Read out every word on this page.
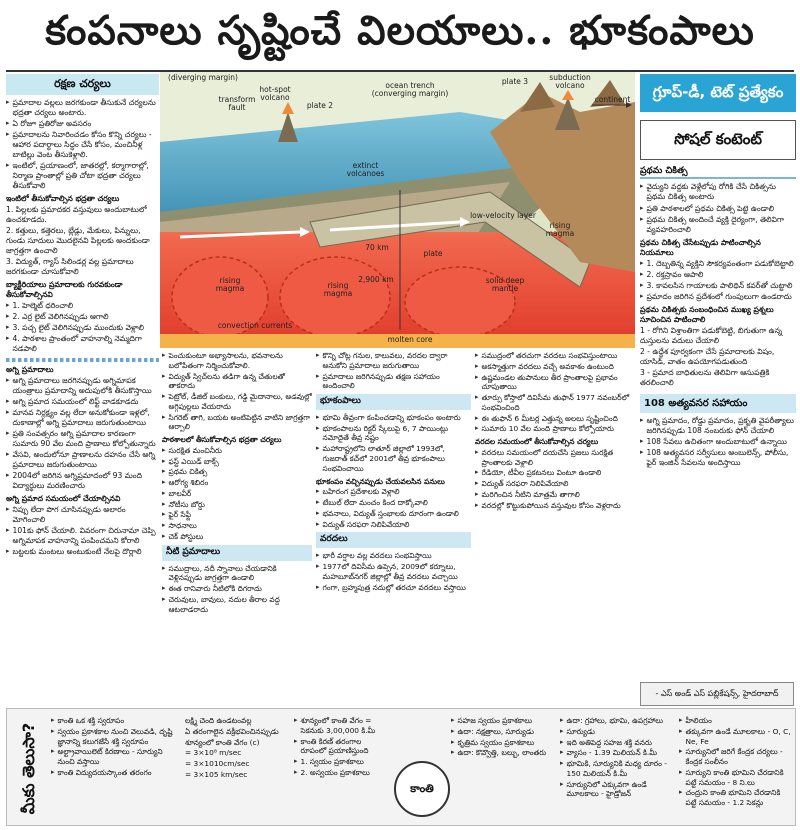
కంపనాలు సృష్టించే విలయాలు.. భూకంపాలు
రక్షణ చర్యలు
▸ ప్రమాదాల వల్లలు జరగకుండా తీసుకునే చర్యలను భద్రతా చర్యలు అంటారు.
▸ ఏ రోజూ ప్రతిరోజు అవసరం
▸ ప్రమాదాలను నివారించడం కోసం కొన్ని చర్యలు - ఆహార పదార్థాలు సిద్ధం చేసే కోసం, మంచినీళ్ల బాటిల్లు వెంట తీసుకెళ్లాలి.
▸ ఇంటిలో, ప్రయాణంలో, జాతరల్లో, కర్మాగారాల్లో, నిర్మాణ ప్రాంతాల్లో ప్రతి చోటా భద్రతా చర్యలు తీసుకోవాలి
ఇంటిలో తీసుకోవాల్సిన భద్రతా చర్యలు
1. పిల్లలకు ప్రమాదకర వస్తువులు అందుబాటులో ఉంచకూడదు.
2. కత్తులు, కత్తెరలు, బ్లేడ్లు, మేకులు, పిన్నులు, గుండు సూదులు మొదలైనవి పిల్లలకు అందకుండా జాగ్రత్తగా ఉంచాలి
3. విద్యుత్, గ్యాస్ సిలిండర్ల వల్ల ప్రమాదాలు జరగకుండా చూసుకోవాలి
బ్యాక్టీరియాలు ప్రమాదాలకు గురవకుండా తీసుకోవాల్సినవి
▸ 1. హెల్మెట్ ధరించాలి
▸ 2. ఎర్ర లైట్ వెలిగినప్పుడు ఆగాలి
▸ 3. పచ్చ లైట్ వెలిగినప్పుడు ముందుకు వెళ్లాలి
▸ 4. పాఠశాల ప్రాంతంలో వాహనాల్ని నెమ్మదిగా నడపాలి
అగ్ని ప్రమాదాలు
▸ అగ్ని ప్రమాదాలు జరగినప్పుడు అగ్నిమాపక యంత్రాలు ప్రమాదాన్ని అదుపులోకి తీసుకొస్తాయి
▸ అగ్ని ప్రమాద సమయంలో లిఫ్ట్ వాడకూడదు
▸ మానవ నిర్లక్ష్యం వల్ల లేదా అనుకోకుండా ఇళ్లలో, దుకాణాల్లో అగ్ని ప్రమాదాలు జరుగుతుంటాయి
▸ ప్రతి సంవత్సరం అగ్ని ప్రమాదాల కారణంగా సుమారు 90 వేల మంది ప్రాణాలు కోల్పోతున్నారు
▸ వేసవి, అందులోనూ ప్రాణాలను దహనం చేసే అగ్ని ప్రమాదాలు జరుగుతుంటాయి
▸ 2004లో జరిగిన అగ్నిప్రమాదంలో 93 మంది విద్యార్థులు మరణించారు
అగ్ని ప్రమాద సమయంలో చేయాల్సినవి
▸ నిప్పు లేదా పొగ చూసినప్పుడు అలారం మోగించాలి
▸ 101కు ఫోన్ చేయాలి. వివరంగా చిరునామా చెప్పి అగ్నిమాపక వాహనాన్ని పంపించమని కోరాలి
▸ బట్టలకు మంటలు అంటుకుంటే నేలపై దొర్లాలి
(diverging margin)
transform fault
hot-spot volcano
plate 2
ocean trench (converging margin)
plate 3	subduction volcano
continent
extinct volcanoes
low-velocity layer
plate
70 km
2,900 km
rising magma	rising magma
rising magma
solid deep mantle
convection currents
molten core
▸ పెంచుకుంటూ అభ్యాసాలను, భవనాలను బలోపేతంగా నిర్మించుకోవాలి.
▸ విద్యుత్ స్విచ్‌లను తడిగా ఉన్న చేతులతో తాకరాదు
▸ పెట్రోల్, డీజిల్ బంకులు, గడ్డి మైదానాలు, అడవుల్లో అగ్గిపుల్లలు వేయరాదు
▸ సిగరెట్ తాగి, బయట అంటిపెట్టిన వాటిని జాగ్రత్తగా ఆర్పాలి
పాఠశాలలో తీసుకోవాల్సిన భద్రతా చర్యలు
▸ సురక్షిత మంచినీరు
▸ ఫస్ట్ ఎయిడ్ బాక్స్
▸ ప్రథమ చికిత్స
▸ ఆరోగ్య శిబిరం
▸ బాలవీర్
▸ నోటీసు బోర్డు
▸ ఫైర్ సేఫ్టీ
▸ సాధనాలు
▸ చెక్ పోస్టులు
నీటి ప్రమాదాలు
▸ సముద్రాలు, నదీ స్నానాలు చేయడానికి వెళ్లినప్పుడు జాగ్రత్తగా ఉండాలి
▸ ఈత రానివారు నీటిలోకి దిగరాదు
▸ చెరువులు, బావులు, నదుల తీరాల వద్ద ఆటలాడరాదు
▸ కొన్ని చోట్ల గనుల, కాలువలు, వరదల ద్వారా అనుకోని ప్రమాదాలు జరుగుతాయి
▸ ప్రమాదాలు జరిగినప్పుడు తక్షణ సహాయం అందించాలి
భూకంపాలు
▸ భూమి తీవ్రంగా కంపించడాన్ని భూకంపం అంటారు
▸ భూకంపాలను రిక్టర్ స్కేలుపై 6, 7 పాయింట్లు నమోదైతే తీవ్ర నష్టం
▸ మహారాష్ట్రలోని లాతూర్ జిల్లాలో 1993లో, గుజరాత్ కచ్‌లో 2001లో తీవ్ర భూకంపాలు సంభవించాయి
భూకంపం వచ్చినప్పుడు చేయవలసిన పనులు
▸ బహిరంగ ప్రదేశాలకు వెళ్లాలి
▸ టేబుల్ లేదా మంచం కింద దాక్కోవాలి
▸ భవనాలు, విద్యుత్ స్తంభాలకు దూరంగా ఉండాలి
▸ విద్యుత్ సరఫరా నిలిపివేయాలి
వరదలు
▸ భారీ వర్షాల వల్ల వరదలు సంభవిస్తాయి
▸ 1977లో దివిసీమ ఉప్పెన, 2009లో కర్నూలు, మహబూబ్‌నగర్ జిల్లాల్లో తీవ్ర వరదలు వచ్చాయి
▸ గంగా, బ్రహ్మపుత్ర నదుల్లో తరచూ వరదలు వస్తాయి
▸ సముద్రంలో తరచుగా వరదలు సంభవిస్తుంటాయి
▸ అకస్మాత్తుగా వరదలు వచ్చే అవకాశం ఉంటుంది
▸ ఉష్ణమండల తుపానులు తీర ప్రాంతాలపై ప్రభావం చూపుతాయి
▸ తూర్పు కోస్తాలో దివిసీమ తుఫాన్ 1977 నవంబర్‌లో సంభవించింది
▸ ఈ తుఫాన్ 6 మీటర్ల ఎత్తున్న అలలు సృష్టించింది
▸ సుమారు 10 వేల మంది ప్రాణాలు కోల్పోయారు
వరదల సమయంలో తీసుకోవాల్సిన చర్యలు
▸ వరదలు సమయంలో దయచేసి ప్రజలు సురక్షిత ప్రాంతాలకు వెళ్లాలి
▸ రేడియో, టీవీల ప్రకటనలు వింటూ ఉండాలి
▸ విద్యుత్ సరఫరా నిలిపివేయాలి
▸ మరిగించిన నీటిని మాత్రమే తాగాలి
▸ వరదల్లో కొట్టుకుపోయిన వస్తువుల కోసం వెళ్లరాదు
గ్రూప్-డీ, టెట్ ప్రత్యేకం
సోషల్ కంటెంట్
ప్రథమ చికిత్స
▸ వైద్యుని వద్దకు వెళ్లేలోపు రోగికి చేసే చికిత్సను ప్రథమ చికిత్స అంటారు
▸ ప్రతి పాఠశాలలో ప్రథమ చికిత్స పెట్టె ఉండాలి
▸ ప్రథమ చికిత్స అందించే వ్యక్తి దైర్యంగా, తెలివిగా వ్యవహరించాలి
ప్రథమ చికిత్స చేసేటప్పుడు పాటించాల్సిన నియమాలు
▸ 1. దెబ్బతిన్న వ్యక్తిని సౌకర్యవంతంగా పడుకోబెట్టాలి
▸ 2. రక్తస్రావం ఆపాలి
▸ 3. కావలసిన గాయాలకు పాలిథిన్ కవర్‌తో చుట్టాలి
▸ ప్రమాదం జరిగిన ప్రదేశంలో గుంపులుగా ఉండరాదు
ప్రథమ చికిత్సకు సంబంధించిన ముఖ్య ప్రశ్నలు సూచించిన పాటించాలి
1 - రోగిని విశ్రాంతిగా పడుకోబెట్టి, బిగుతుగా ఉన్న దుస్తులను వదులు చేయాలి
2 - ఉద్దేశ పూర్వకంగా చేసే ప్రమాదాలకు విషం, యాసిడ్, వాతం ఉపయోగపడుతుంది
3 - ప్రమాద బాధితులను తెలివిగా ఆసుపత్రికి తరలించాలి
108 అత్యవసర సహాయం
▸ అగ్ని ప్రమాదం, రోడ్డు ప్రమాదం, ప్రకృతి వైపరీత్యాలు జరిగినప్పుడు 108 నంబరుకు ఫోన్ చేయాలి
▸ 108 సేవలు ఉచితంగా అందుబాటులో ఉన్నాయి
▸ 108 అత్యవసర సర్వీసులు అంబులెన్స్, పోలీసు, ఫైర్ ఇంజిన్ సేవలను అందిస్తాయి
- ఎస్ అండ్ ఎస్ పబ్లికేషన్స్, హైదరాబాద్
మీకు తెలుసా?
▸ కాంతి ఒక శక్తి స్వరూపం
▸ స్వయం ప్రకాశకాల నుంచి వెలువడి, దృష్టి జ్ఞానాన్ని కలుగజేసే శక్తి స్వరూపం
▸ అల్ట్రావాయిలెట్ కిరణాలు - సూర్యుని నుంచి వస్తాయి
▸ కాంతి విద్యుదయస్కాంత తరంగం
లక్ష్మి చెంది ఉండటంవల్ల
ఏ తరంగాలైన వక్రీభవించినప్పుడు
శూన్యంలో కాంతి వేగం (c)
= 3×10⁸ m/sec
= 3×1010cm/sec
= 3×105 km/sec
▸ శూన్యంలో కాంతి వేగం = సెకనుకు 3,00,000 కి.మీ
▸ కాంతి కిరణ్‌ తరంగాల రూపంలో ప్రయాణిస్తుంది
▸ 1. స్వయం ప్రకాశకాలు
▸ 2. అస్వయం ప్రకాశకాలు
కాంతి
▸ సహజ స్వయం ప్రకాశకాలు
▸ ఉదా: నక్షత్రాలు, సూర్యుడు
▸ కృత్రిమ స్వయం ప్రకాశకాలు
▸ ఉదా: కొవ్వొత్తి, బల్బు, లాంతరు
▸ ఉదా: గ్రహాలు, భూమి, ఉపగ్రహాలు
▸ సూర్యుడు
▸ ఇది అతిపెద్ద సహజ శక్తి వనరు
▸ వ్యాసం - 1.39 మిలియన్ కి.మీ
▸ భూమికి, సూర్యునికి మధ్య దూరం - 150 మిలియన్ కి.మీ
▸ సూర్యునిలో ఎక్కువగా ఉండే మూలకాలు - హైడ్రోజన్
▸ హీలియం
▸ తక్కువగా ఉండే మూలకాలు - O, C, Ne, Fe
▸ సూర్యునిలో జరిగే కేంద్రక చర్యలు - కేంద్రక సంలీనం
▸ సూర్యుని కాంతి భూమిని చేరడానికి పట్టే సమయం - 8 ని.లు
▸ చంద్రుని కాంతి భూమిని చేరడానికి పట్టే సమయం - 1.2 సెకన్లు
